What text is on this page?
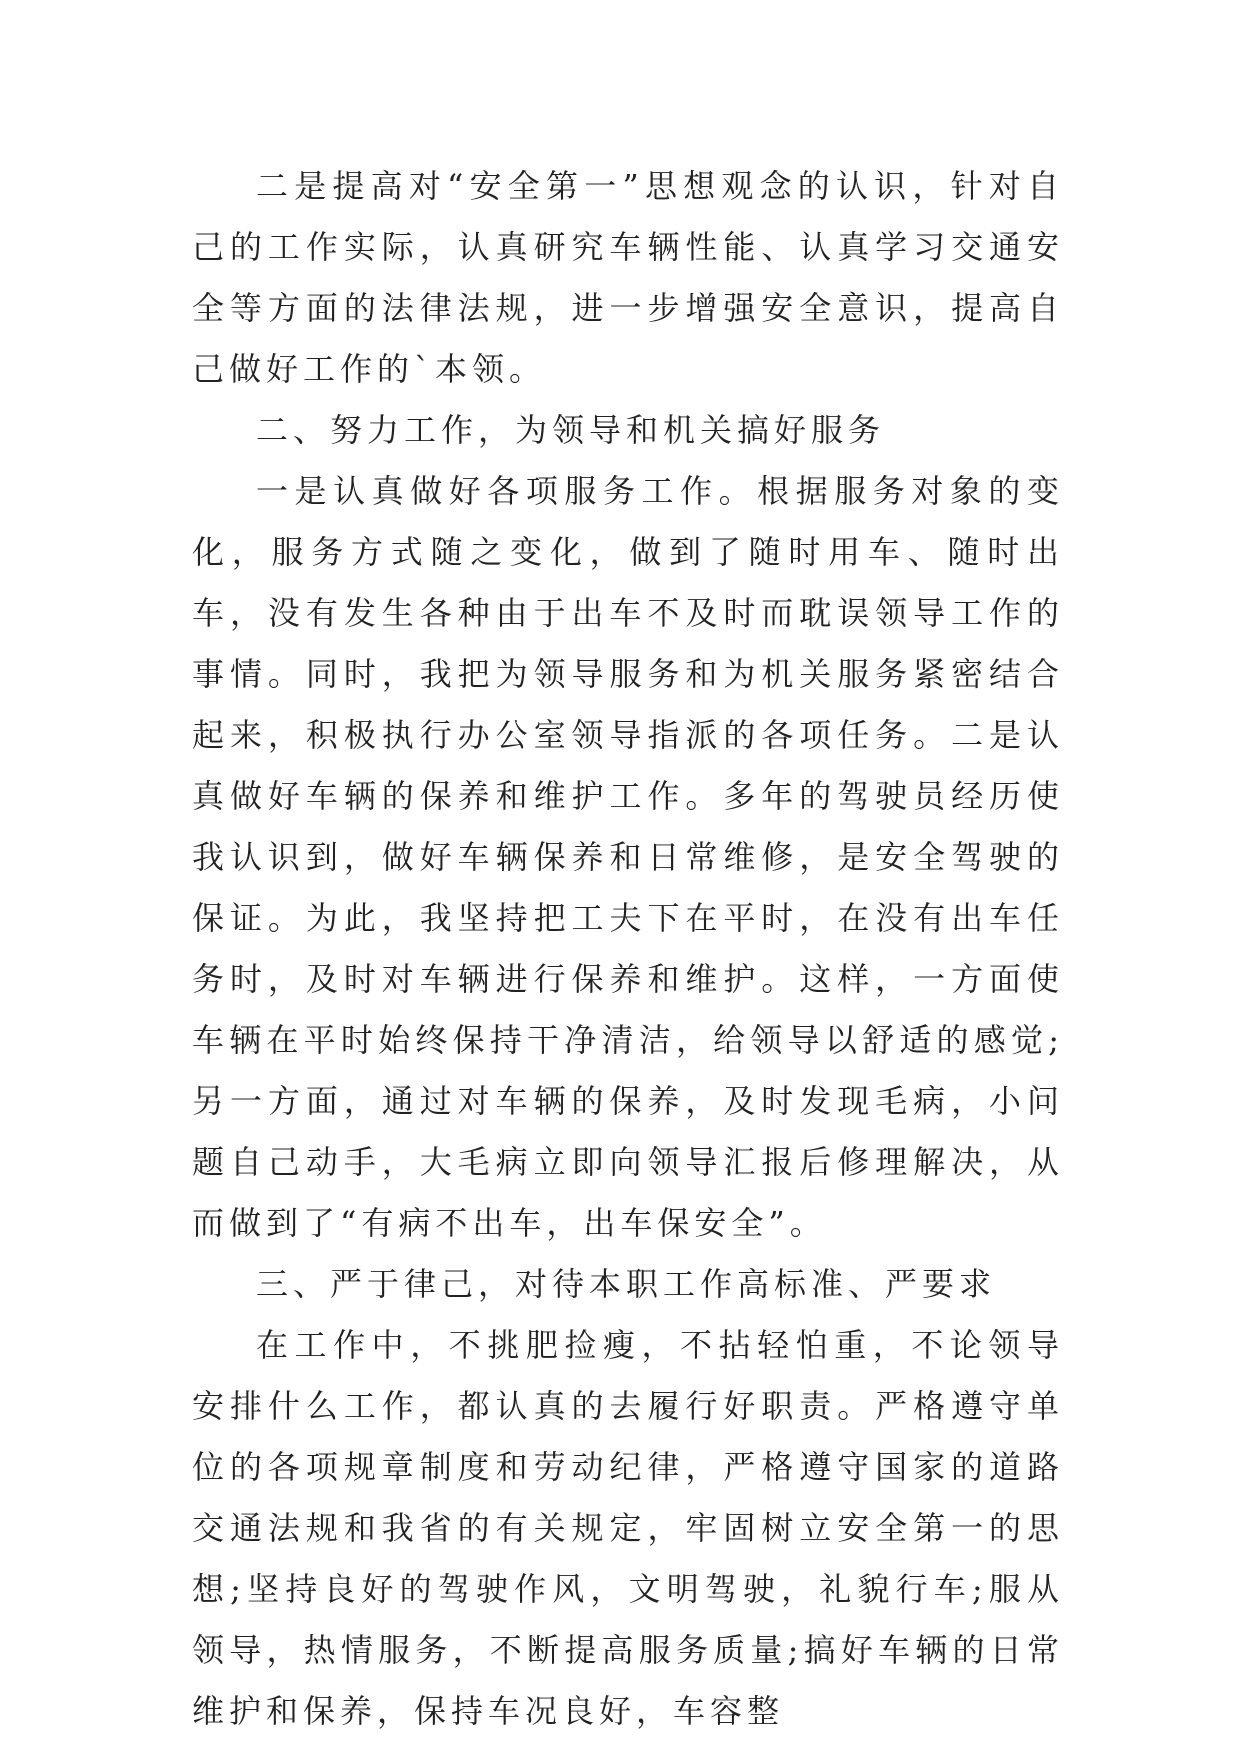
二是提高对“安全第一”思想观念的认识，针对自己的工作实际，认真研究车辆性能、认真学习交通安全等方面的法律法规，进一步增强安全意识，提高自己做好工作的`本领。

二、努力工作，为领导和机关搞好服务

一是认真做好各项服务工作。根据服务对象的变化，服务方式随之变化，做到了随时用车、随时出车，没有发生各种由于出车不及时而耽误领导工作的事情。同时，我把为领导服务和为机关服务紧密结合起来，积极执行办公室领导指派的各项任务。二是认真做好车辆的保养和维护工作。多年的驾驶员经历使我认识到，做好车辆保养和日常维修，是安全驾驶的保证。为此，我坚持把工夫下在平时，在没有出车任务时，及时对车辆进行保养和维护。这样，一方面使车辆在平时始终保持干净清洁，给领导以舒适的感觉;另一方面，通过对车辆的保养，及时发现毛病，小问题自己动手，大毛病立即向领导汇报后修理解决，从而做到了“有病不出车，出车保安全”。

三、严于律己，对待本职工作高标准、严要求

在工作中，不挑肥捡瘦，不拈轻怕重，不论领导安排什么工作，都认真的去履行好职责。严格遵守单位的各项规章制度和劳动纪律，严格遵守国家的道路交通法规和我省的有关规定，牢固树立安全第一的思想;坚持良好的驾驶作风，文明驾驶，礼貌行车;服从领导，热情服务，不断提高服务质量;搞好车辆的日常维护和保养，保持车况良好，车容整
